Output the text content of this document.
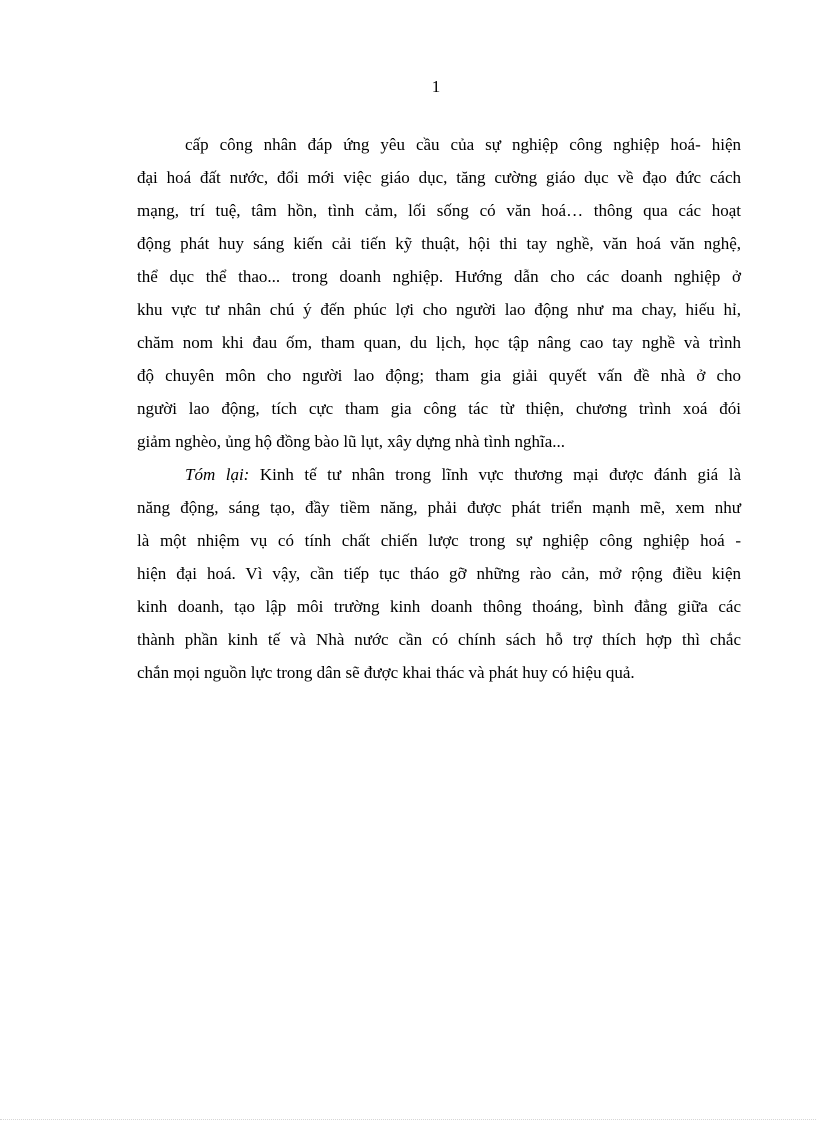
1
cấp công nhân đáp ứng yêu cầu của sự nghiệp công nghiệp hoá- hiện
đại hoá đất nước, đổi mới việc giáo dục, tăng cường giáo dục về đạo đức cách
mạng, trí tuệ, tâm hồn, tình cảm, lối sống có văn hoá… thông qua các hoạt
động phát huy sáng kiến cải tiến kỹ thuật, hội thi tay nghề, văn hoá văn nghệ,
thể dục thể thao... trong doanh nghiệp. Hướng dẫn cho các doanh nghiệp ở
khu vực tư nhân chú ý đến phúc lợi cho người lao động như ma chay, hiếu hỉ,
chăm nom khi đau ốm, tham quan, du lịch, học tập nâng cao tay nghề và trình
độ chuyên môn cho người lao động; tham gia giải quyết vấn đề nhà ở cho
người lao động, tích cực tham gia công tác từ thiện, chương trình xoá đói
giảm nghèo, ủng hộ đồng bào lũ lụt, xây dựng nhà tình nghĩa...
Tóm lại: Kinh tế tư nhân trong lĩnh vực thương mại được đánh giá là
năng động, sáng tạo, đầy tiềm năng, phải được phát triển mạnh mẽ, xem như
là một nhiệm vụ có tính chất chiến lược trong sự nghiệp công nghiệp hoá -
hiện đại hoá. Vì vậy, cần tiếp tục tháo gỡ những rào cản, mở rộng điều kiện
kinh doanh, tạo lập môi trường kinh doanh thông thoáng, bình đẳng giữa các
thành phần kinh tế và Nhà nước cần có chính sách hỗ trợ thích hợp thì chắc
chắn mọi nguồn lực trong dân sẽ được khai thác và phát huy có hiệu quả.
